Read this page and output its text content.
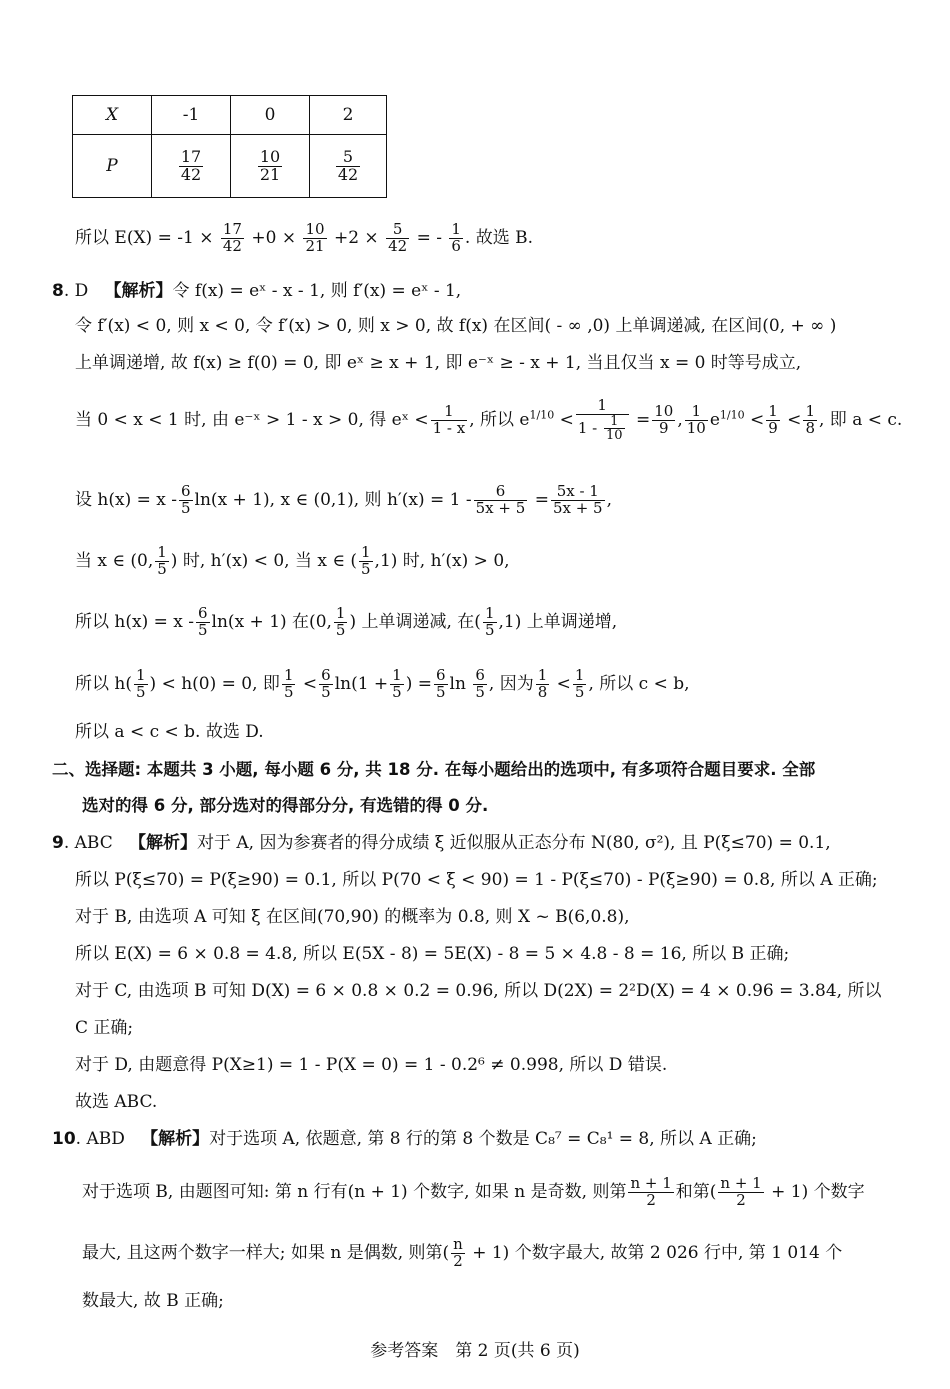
X	-1	0	2
P	$\frac{17}{42}$	$\frac{10}{21}$	$\frac{5}{42}$
所以 $E(X) = -1 \times \frac{17}{42} +0 \times \frac{10}{21} +2 \times \frac{5}{42}$ = - $\frac{1}{6}$ . 故选 B.
8. D 【解析】令 f(x) = eˣ - x - 1, 则 f′(x) = eˣ - 1,
令 f′(x) < 0, 则 x < 0, 令 f′(x) > 0, 则 x > 0, 故 f(x) 在区间( - ∞ ,0) 上单调递减, 在区间(0, + ∞ )
上单调递增, 故 f(x) ≥ f(0) = 0, 即 eˣ ≥ x + 1, 即 e⁻ˣ ≥ - x + 1, 当且仅当 x = 0 时等号成立,
当 0 < x < 1 时, 由 e⁻ˣ > 1 - x > 0, 得 eˣ < $\frac{1}{1 - x}$ , 所以 $e^{1/10} < \frac{1}{1 - \frac{1}{10}} = \frac{10}{9}$ , $\frac{1}{10} e^{1/10} < \frac{1}{9} < \frac{1}{8}$ , 即 a < c.
设 $h(x) = x - \frac{6}{5} \ln(x + 1)$, x ∈ (0,1), 则 $h'(x) = 1 - \frac{6}{5x + 5} = \frac{5x - 1}{5x + 5}$ ,
当 x ∈ (0, $\frac{1}{5}$ ) 时, h′(x) < 0, 当 x ∈ ( $\frac{1}{5} ,1$) 时, h′(x) > 0,
所以 $h(x) = x - \frac{6}{5} \ln(x + 1)$ 在(0, $\frac{1}{5}$ ) 上单调递减, 在( $\frac{1}{5} ,1$) 上单调递增,
所以 $h( \frac{1}{5}$ ) < h(0) = 0, 即 $\frac{1}{5} < \frac{6}{5} \ln(1 + \frac{1}{5}$ ) = $\frac{6}{5}$ $\ln \frac{6}{5}$ , 因为 $\frac{1}{8} < \frac{1}{5}$ , 所以 c < b,
所以 a < c < b. 故选 D.
二、选择题: 本题共 3 小题, 每小题 6 分, 共 18 分. 在每小题给出的选项中, 有多项符合题目要求. 全部
选对的得 6 分, 部分选对的得部分分, 有选错的得 0 分.
9. ABC 【解析】对于 A, 因为参赛者的得分成绩 ξ 近似服从正态分布 N(80, σ²), 且 P(ξ≤70) = 0.1,
所以 P(ξ≤70) = P(ξ≥90) = 0.1, 所以 P(70 < ξ < 90) = 1 - P(ξ≤70) - P(ξ≥90) = 0.8, 所以 A 正确;
对于 B, 由选项 A 可知 ξ 在区间(70,90) 的概率为 0.8, 则 X ~ B(6,0.8),
所以 E(X) = 6 × 0.8 = 4.8, 所以 E(5X - 8) = 5E(X) - 8 = 5 × 4.8 - 8 = 16, 所以 B 正确;
对于 C, 由选项 B 可知 D(X) = 6 × 0.8 × 0.2 = 0.96, 所以 D(2X) = 2²D(X) = 4 × 0.96 = 3.84, 所以
C 正确;
对于 D, 由题意得 P(X≥1) = 1 - P(X = 0) = 1 - 0.2⁶ ≠ 0.998, 所以 D 错误.
故选 ABC.
10. ABD 【解析】对于选项 A, 依题意, 第 8 行的第 8 个数是 C₈⁷ = C₈¹ = 8, 所以 A 正确;
对于选项 B, 由题图可知: 第 n 行有(n + 1) 个数字, 如果 n 是奇数, 则第 $\frac{n + 1}{2}$ 和第( $\frac{n + 1}{2} + 1$) 个数字
最大, 且这两个数字一样大; 如果 n 是偶数, 则第( $\frac{n}{2} + 1$) 个数字最大, 故第 2 026 行中, 第 1 014 个
数最大, 故 B 正确;
参考答案　第 2 页(共 6 页)
